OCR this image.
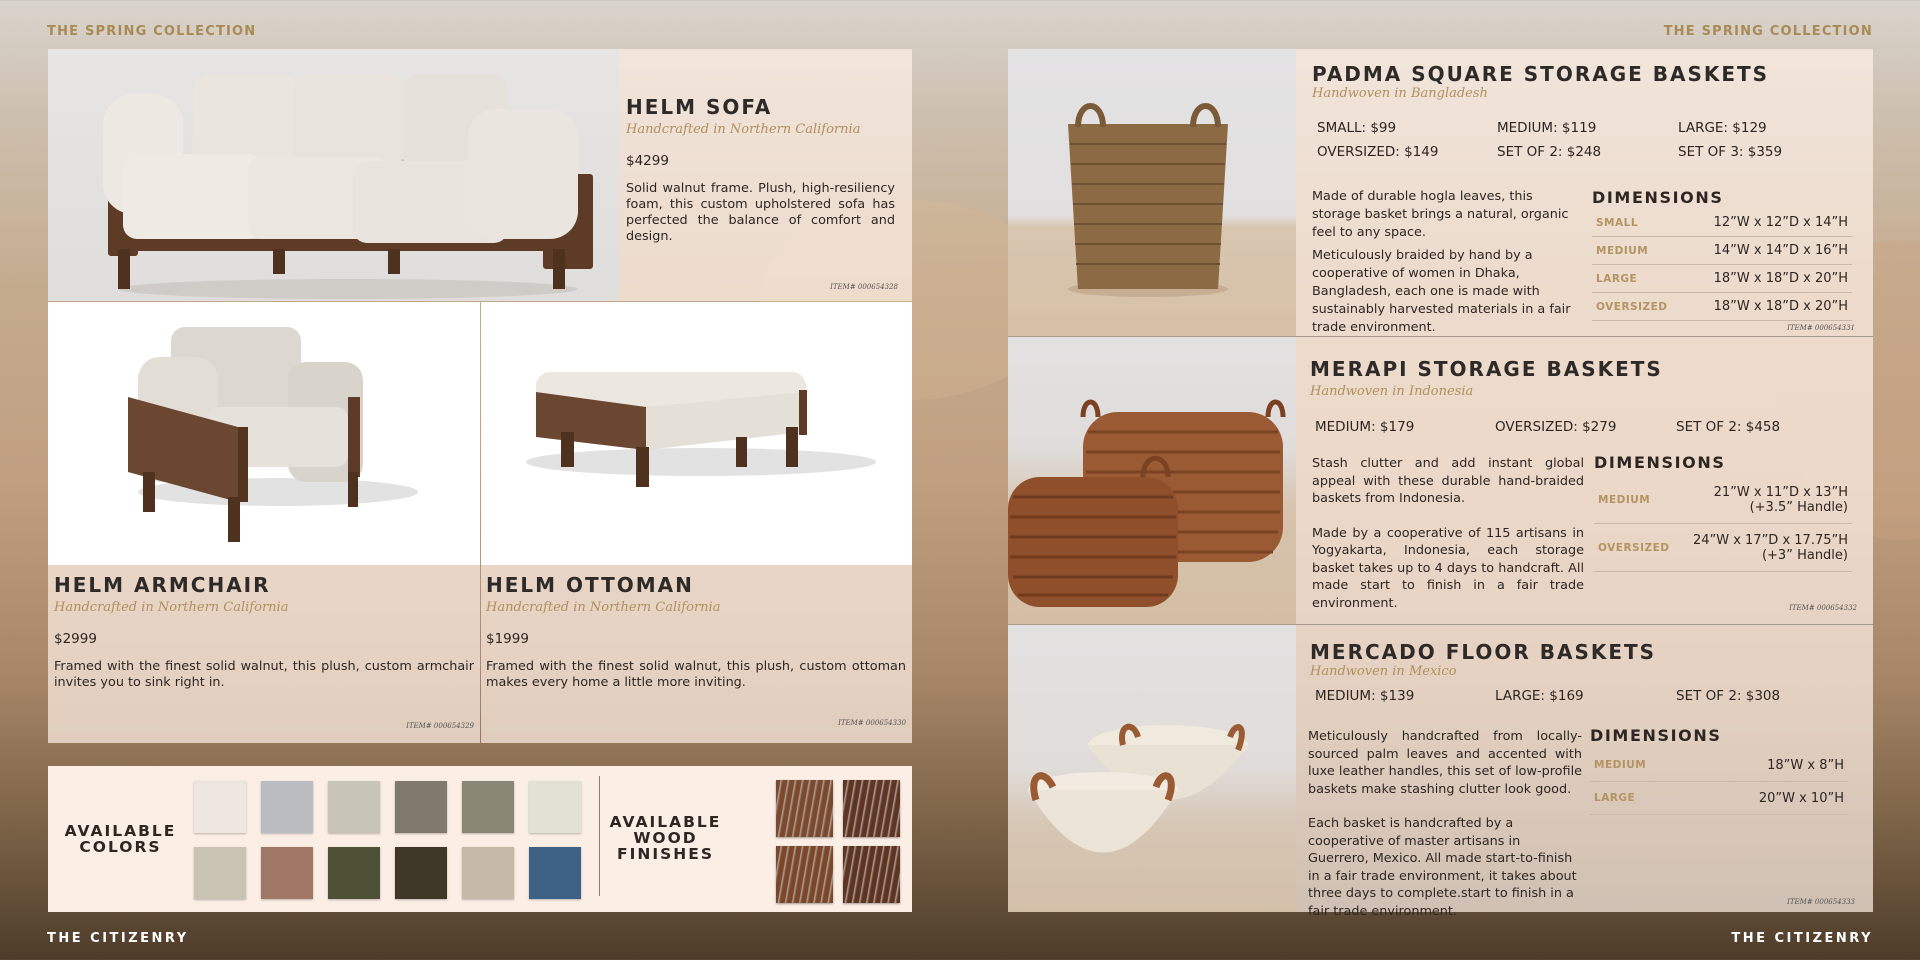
THE SPRING COLLECTION	THE SPRING COLLECTION
THE CITIZENRY	THE CITIZENRY
HELM SOFA
Handcrafted in Northern California
$4299
Solid walnut frame. Plush, high-resiliency foam, this custom upholstered sofa has perfected the balance of comfort and design.
ITEM# 000654328
HELM ARMCHAIR
Handcrafted in Northern California
$2999
Framed with the finest solid walnut, this plush, custom armchair invites you to sink right in.
ITEM# 000654329
HELM OTTOMAN
Handcrafted in Northern California
$1999
Framed with the finest solid walnut, this plush, custom ottoman makes every home a little more inviting.
ITEM# 000654330
AVAILABLE
COLORS
AVAILABLE
WOOD
FINISHES
PADMA SQUARE STORAGE BASKETS
Handwoven in Bangladesh
SMALL: $99	MEDIUM: $119	LARGE: $129
OVERSIZED: $149	SET OF 2: $248	SET OF 3: $359
Made of durable hogla leaves, this storage basket brings a natural, organic feel to any space.
Meticulously braided by hand by a cooperative of women in Dhaka, Bangladesh, each one is made with sustainably harvested materials in a fair trade environment.
DIMENSIONS
SMALL	12”W x 12”D x 14”H
MEDIUM	14”W x 14”D x 16”H
LARGE	18”W x 18”D x 20”H
OVERSIZED	18”W x 18”D x 20”H
ITEM# 000654331
MERAPI STORAGE BASKETS
Handwoven in Indonesia
MEDIUM: $179	OVERSIZED: $279	SET OF 2: $458
Stash clutter and add instant global appeal with these durable hand-braided baskets from Indonesia.
Made by a cooperative of 115 artisans in Yogyakarta, Indonesia, each storage basket takes up to 4 days to handcraft. All made start to finish in a fair trade environment.
DIMENSIONS
MEDIUM	21”W x 11”D x 13”H
(+3.5” Handle)
OVERSIZED 24”W x 17”D x 17.75”H
(+3” Handle)
ITEM# 000654332
MERCADO FLOOR BASKETS
Handwoven in Mexico
MEDIUM: $139	LARGE: $169	SET OF 2: $308
Meticulously handcrafted from locally-sourced palm leaves and accented with luxe leather handles, this set of low-profile baskets make stashing clutter look good.
Each basket is handcrafted by a cooperative of master artisans in Guerrero, Mexico. All made start-to-finish in a fair trade environment, it takes about three days to complete.start to finish in a fair trade environment.
DIMENSIONS
MEDIUM	18”W x 8”H
LARGE	20”W x 10”H
ITEM# 000654333
